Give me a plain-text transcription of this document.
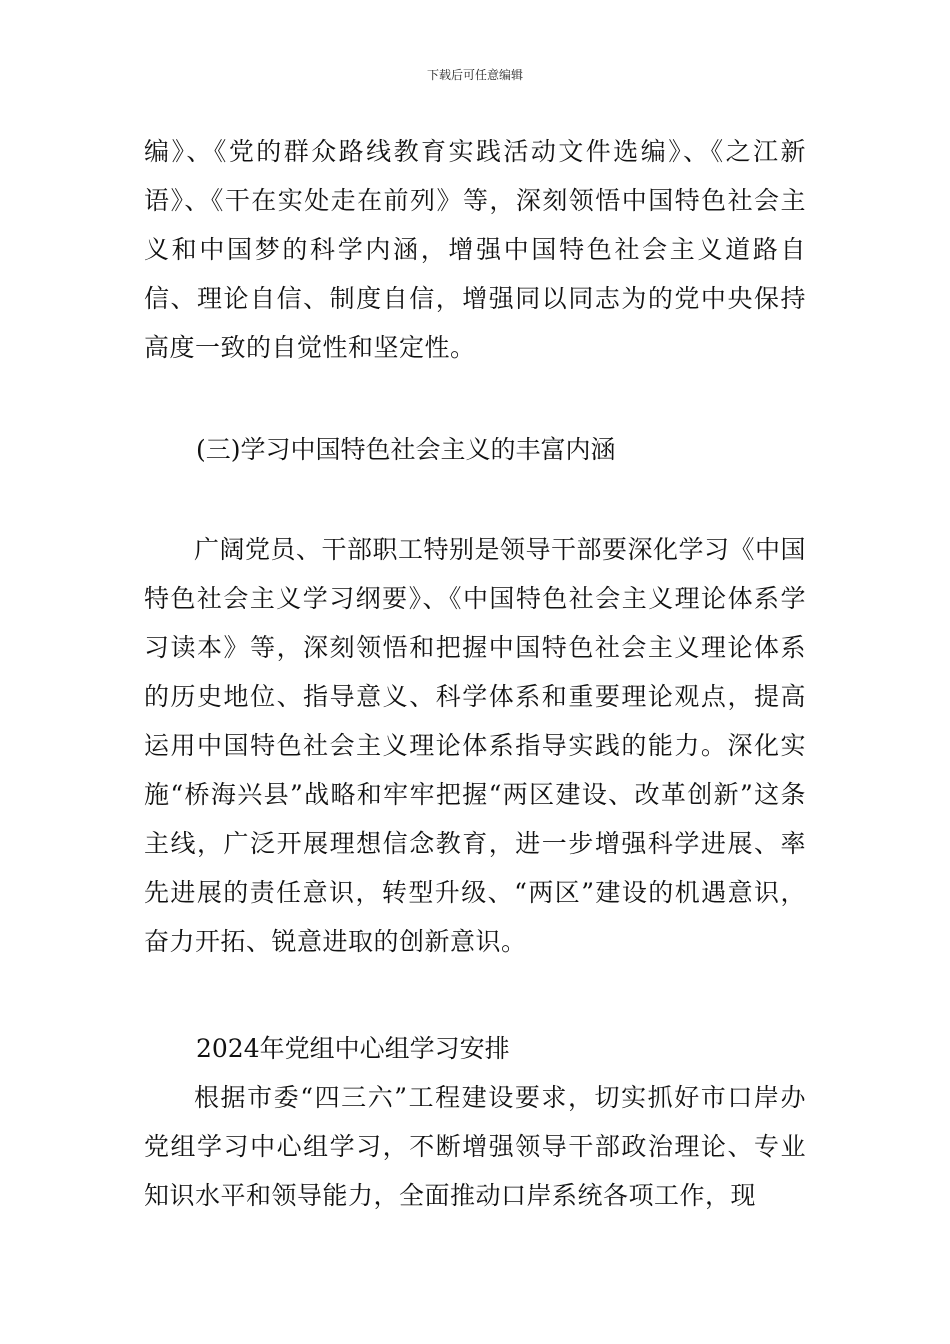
下载后可任意编辑
编》、《党的群众路线教育实践活动文件选编》、《之江新语》、《干在实处走在前列》等，深刻领悟中国特色社会主义和中国梦的科学内涵，增强中国特色社会主义道路自信、理论自信、制度自信，增强同以同志为的党中央保持高度一致的自觉性和坚定性。
(三)学习中国特色社会主义的丰富内涵
广阔党员、干部职工特别是领导干部要深化学习《中国特色社会主义学习纲要》、《中国特色社会主义理论体系学习读本》等，深刻领悟和把握中国特色社会主义理论体系的历史地位、指导意义、科学体系和重要理论观点，提高运用中国特色社会主义理论体系指导实践的能力。深化实施“桥海兴县”战略和牢牢把握“两区建设、改革创新”这条主线，广泛开展理想信念教育，进一步增强科学进展、率先进展的责任意识，转型升级、“两区”建设的机遇意识，奋力开拓、锐意进取的创新意识。
2024年党组中心组学习安排
根据市委“四三六”工程建设要求，切实抓好市口岸办党组学习中心组学习，不断增强领导干部政治理论、专业知识水平和领导能力，全面推动口岸系统各项工作，现
